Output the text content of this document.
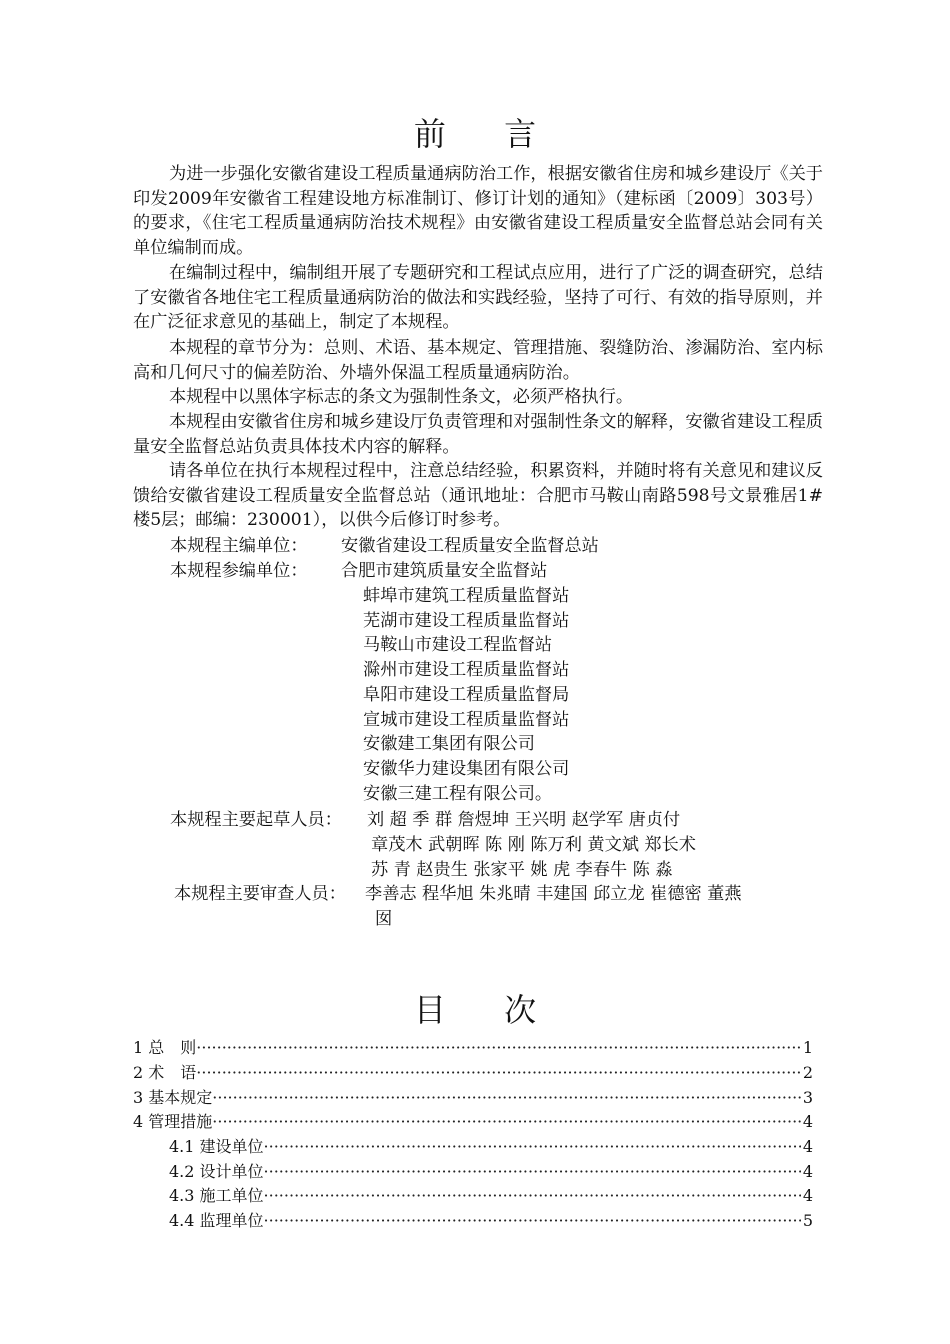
前 言

为进一步强化安徽省建设工程质量通病防治工作，根据安徽省住房和城乡建设厅《关于印发2009年安徽省工程建设地方标准制订、修订计划的通知》（建标函〔2009〕303号）的要求，《住宅工程质量通病防治技术规程》由安徽省建设工程质量安全监督总站会同有关单位编制而成。

在编制过程中，编制组开展了专题研究和工程试点应用，进行了广泛的调查研究，总结了安徽省各地住宅工程质量通病防治的做法和实践经验，坚持了可行、有效的指导原则，并在广泛征求意见的基础上，制定了本规程。

本规程的章节分为：总则、术语、基本规定、管理措施、裂缝防治、渗漏防治、室内标高和几何尺寸的偏差防治、外墙外保温工程质量通病防治。

本规程中以黑体字标志的条文为强制性条文，必须严格执行。

本规程由安徽省住房和城乡建设厅负责管理和对强制性条文的解释，安徽省建设工程质量安全监督总站负责具体技术内容的解释。

请各单位在执行本规程过程中，注意总结经验，积累资料，并随时将有关意见和建议反馈给安徽省建设工程质量安全监督总站（通讯地址：合肥市马鞍山南路598号文景雅居1#楼5层；邮编：230001），以供今后修订时参考。

本规程主编单位： 安徽省建设工程质量安全监督总站
本规程参编单位： 合肥市建筑质量安全监督站
蚌埠市建筑工程质量监督站
芜湖市建设工程质量监督站
马鞍山市建设工程监督站
滁州市建设工程质量监督站
阜阳市建设工程质量监督局
宣城市建设工程质量监督站
安徽建工集团有限公司
安徽华力建设集团有限公司
安徽三建工程有限公司。
本规程主要起草人员： 刘 超 季 群 詹煜坤 王兴明 赵学军 唐贞付
章茂木 武朝晖 陈 刚 陈万利 黄文斌 郑长术
苏 青 赵贵生 张家平 姚 虎 李春牛 陈 淼
本规程主要审查人员： 李善志 程华旭 朱兆晴 丰建国 邱立龙 崔德密 董燕
囡
目 次
1 总　则 ·····	1
2 术　语 ·····	2
3 基本规定 ·····	3
4 管理措施 ·····	4
4.1 建设单位 ·····	4
4.2 设计单位 ·····	4
4.3 施工单位 ·····	4
4.4 监理单位 ·····	5
